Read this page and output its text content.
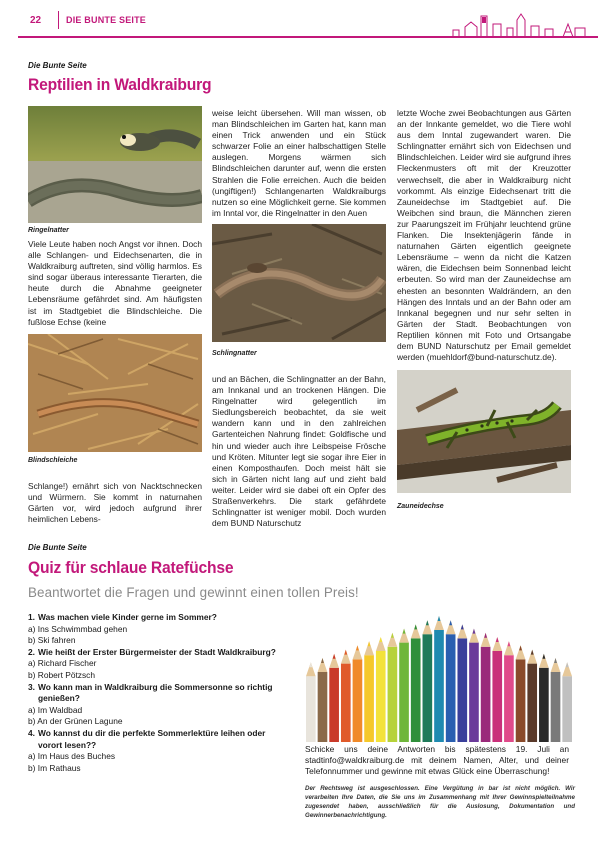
22	DIE BUNTE SEITE
Die Bunte Seite
Reptilien in Waldkraiburg
Ringelnatter
Viele Leute haben noch Angst vor ihnen. Doch alle Schlangen- und Eidechsenarten, die in Waldkraiburg auftreten, sind völlig harmlos. Es sind sogar überaus interessante Tierarten, die heute durch die Abnahme geeigneter Lebensräume gefährdet sind. Am häufigsten ist im Stadtgebiet die Blindschleiche. Die fußlose Echse (keine
Blindschleiche
Schlange!) ernährt sich von Nacktschnecken und Würmern. Sie kommt in naturnahen Gärten vor, wird jedoch aufgrund ihrer heimlichen Lebens-
weise leicht übersehen. Will man wissen, ob man Blindschleichen im Garten hat, kann man einen Trick anwenden und ein Stück schwarzer Folie an einer halbschattigen Stelle auslegen. Morgens wärmen sich Blindschleichen darunter auf, wenn die ersten Strahlen die Folie erreichen. Auch die beiden (ungiftigen!) Schlangenarten Waldkraiburgs nutzen so eine Möglichkeit gerne. Sie kommen im Inntal vor, die Ringelnatter in den Auen
Schlingnatter
und an Bächen, die Schlingnatter an der Bahn, am Innkanal und an trockenen Hängen. Die Ringelnatter wird gelegentlich im Siedlungsbereich beobachtet, da sie weit wandern kann und in den zahlreichen Gartenteichen Nahrung findet: Goldfische und hin und wieder auch ihre Leibspeise Frösche und Kröten. Mitunter legt sie sogar ihre Eier in einen Komposthaufen. Doch meist hält sie sich in Gärten nicht lang auf und zieht bald weiter. Leider wird sie dabei oft ein Opfer des Straßenverkehrs. Die stark gefährdete Schlingnatter ist weniger mobil. Doch wurden dem BUND Naturschutz
letzte Woche zwei Beobachtungen aus Gärten an der Innkante gemeldet, wo die Tiere wohl aus dem Inntal zugewandert waren. Die Schlingnatter ernährt sich von Eidechsen und Blindschleichen. Leider wird sie aufgrund ihres Fleckenmusters oft mit der Kreuzotter verwechselt, die aber in Waldkraiburg nicht vorkommt. Als einzige Eidechsenart tritt die Zauneidechse im Stadtgebiet auf. Die Weibchen sind braun, die Männchen zieren zur Paarungszeit im Frühjahr leuchtend grüne Flanken. Die Insektenjägerin fände in naturnahen Gärten eigentlich geeignete Lebensräume – wenn da nicht die Katzen wären, die Eidechsen beim Sonnenbad leicht erbeuten. So wird man der Zauneidechse am ehesten an besonnten Waldrändern, an den Hängen des Inntals und an der Bahn oder am Innkanal begegnen und nur sehr selten in Gärten der Stadt. Beobachtungen von Reptilien können mit Foto und Ortsangabe dem BUND Naturschutz per Email gemeldet werden (muehldorf@bund-naturschutz.de).
Zauneidechse
Die Bunte Seite
Quiz für schlaue Ratefüchse
Beantwortet die Fragen und gewinnt einen tollen Preis!
1. Was machen viele Kinder gerne im Sommer?
a) Ins Schwimmbad gehen
b) Ski fahren
2. Wie heißt der Erster Bürgermeister der Stadt Waldkraiburg?
a) Richard Fischer
b) Robert Pötzsch
3. Wo kann man in Waldkraiburg die Sommersonne so richtig
genießen?
a) Im Waldbad
b) An der Grünen Lagune
4. Wo kannst du dir die perfekte Sommerlektüre leihen oder
vorort lesen??
a) Im Haus des Buches
b) Im Rathaus
Schicke uns deine Antworten bis spätestens 19. Juli an stadtinfo@waldkraiburg.de mit deinem Namen, Alter, und deiner Telefonnummer und gewinne mit etwas Glück eine Überraschung!
Der Rechtsweg ist ausgeschlossen. Eine Vergütung in bar ist nicht möglich. Wir verarbeiten Ihre Daten, die Sie uns im Zusammenhang mit Ihrer Gewinnspielteilnahme zugesendet haben, ausschließlich für die Auslosung, Dokumentation und Gewinnerbenachrichtigung.
